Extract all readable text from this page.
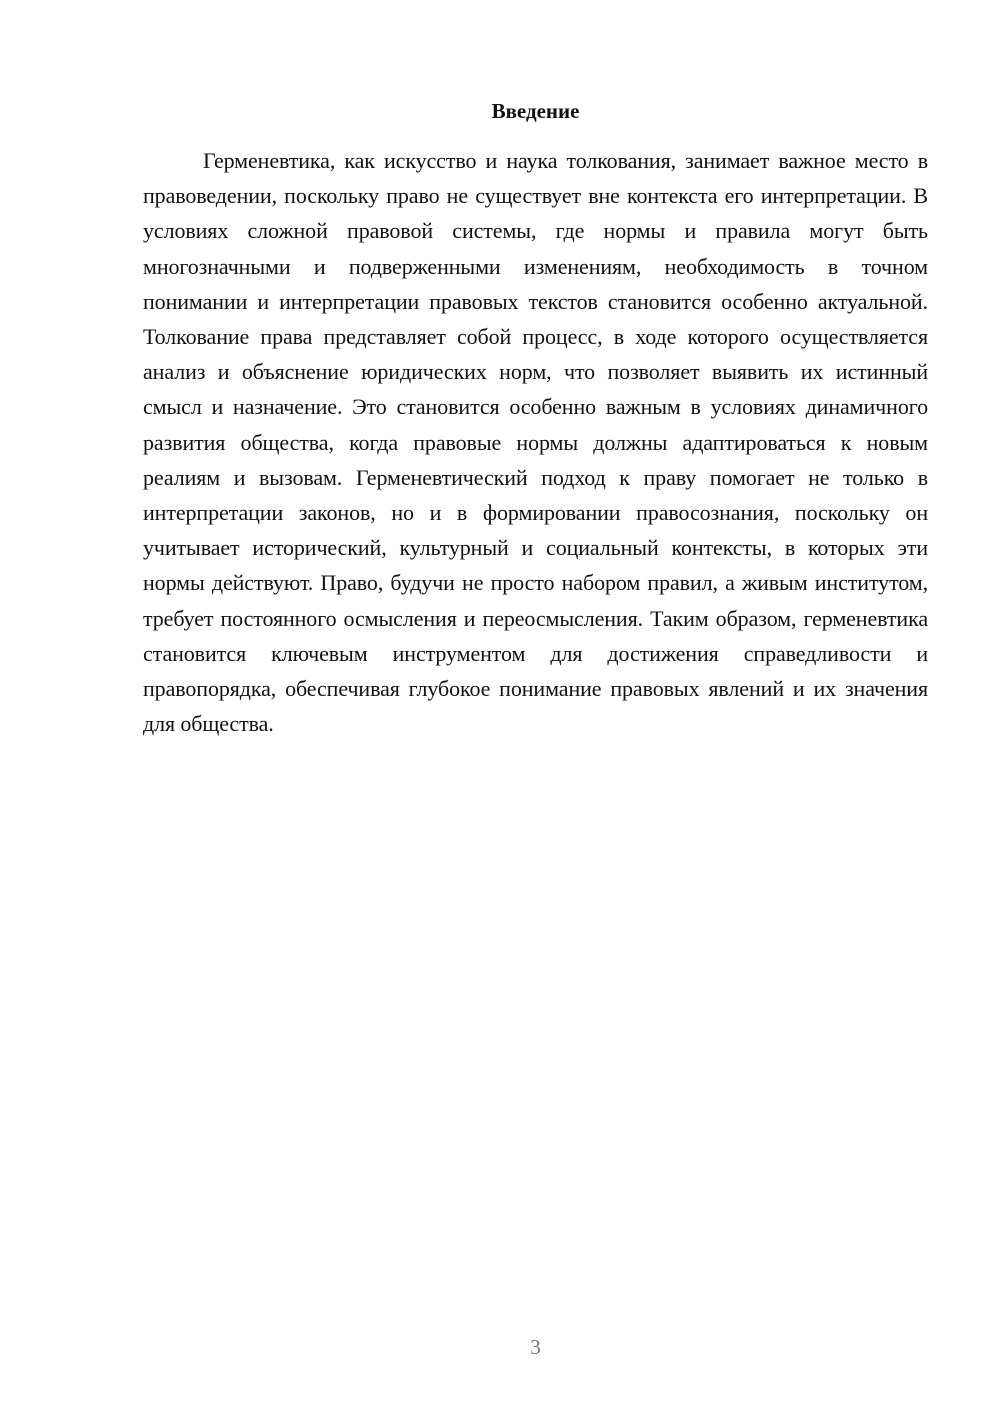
Введение

Герменевтика, как искусство и наука толкования, занимает важное место в правоведении, поскольку право не существует вне контекста его интерпретации. В условиях сложной правовой системы, где нормы и правила могут быть многозначными и подверженными изменениям, необходимость в точном понимании и интерпретации правовых текстов становится особенно актуальной. Толкование права представляет собой процесс, в ходе которого осуществляется анализ и объяснение юридических норм, что позволяет выявить их истинный смысл и назначение. Это становится особенно важным в условиях динамичного развития общества, когда правовые нормы должны адаптироваться к новым реалиям и вызовам. Герменевтический подход к праву помогает не только в интерпретации законов, но и в формировании правосознания, поскольку он учитывает исторический, культурный и социальный контексты, в которых эти нормы действуют. Право, будучи не просто набором правил, а живым институтом, требует постоянного осмысления и переосмысления. Таким образом, герменевтика становится ключевым инструментом для достижения справедливости и правопорядка, обеспечивая глубокое понимание правовых явлений и их значения для общества.

3
